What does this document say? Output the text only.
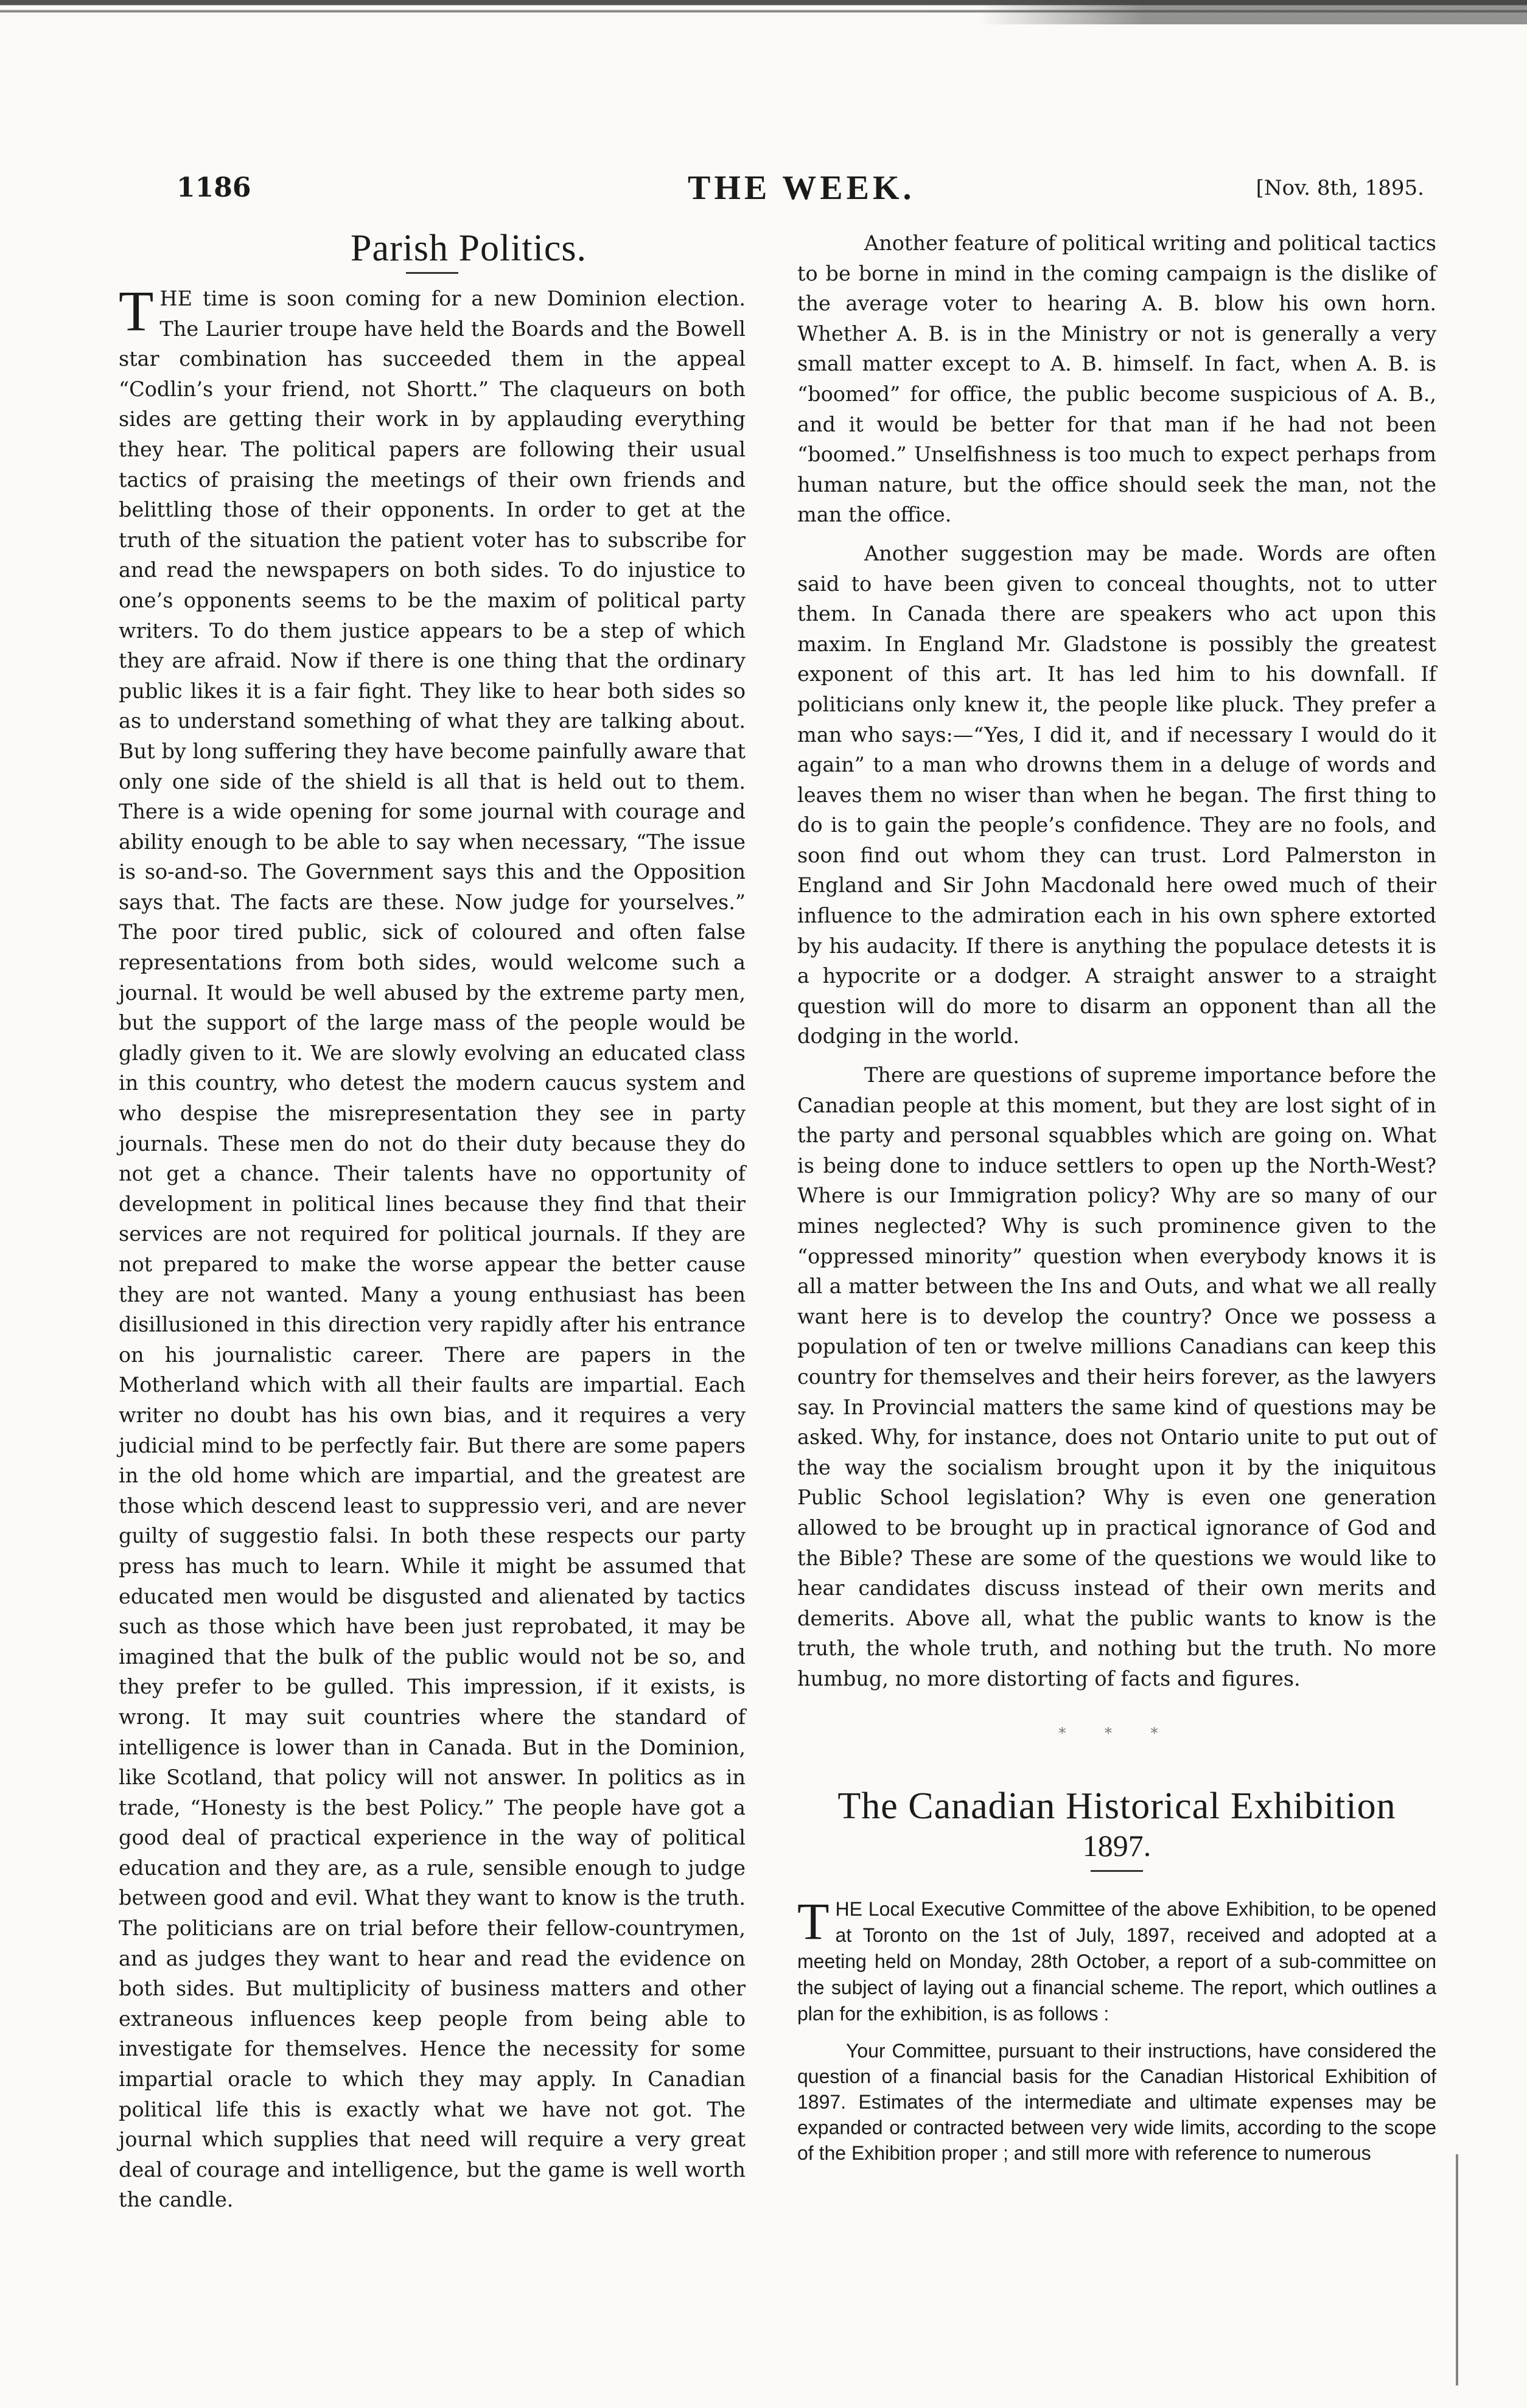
1186	THE WEEK.	[Nov. 8th, 1895.
Parish Politics.

THE time is soon coming for a new Dominion election. The Laurier troupe have held the Boards and the Bowell star combination has succeeded them in the appeal “Codlin’s your friend, not Shortt.” The claqueurs on both sides are getting their work in by applauding everything they hear. The political papers are following their usual tactics of praising the meetings of their own friends and belittling those of their opponents. In order to get at the truth of the situation the patient voter has to subscribe for and read the newspapers on both sides. To do injustice to one’s opponents seems to be the maxim of political party writers. To do them justice appears to be a step of which they are afraid. Now if there is one thing that the ordinary public likes it is a fair fight. They like to hear both sides so as to understand something of what they are talking about. But by long suffering they have become painfully aware that only one side of the shield is all that is held out to them. There is a wide opening for some journal with courage and ability enough to be able to say when necessary, “The issue is so-and-so. The Government says this and the Opposition says that. The facts are these. Now judge for yourselves.” The poor tired public, sick of coloured and often false representations from both sides, would welcome such a journal. It would be well abused by the extreme party men, but the support of the large mass of the people would be gladly given to it. We are slowly evolving an educated class in this country, who detest the modern caucus system and who despise the misrepresentation they see in party journals. These men do not do their duty because they do not get a chance. Their talents have no opportunity of development in political lines because they find that their services are not required for political journals. If they are not prepared to make the worse appear the better cause they are not wanted. Many a young enthusiast has been disillusioned in this direction very rapidly after his entrance on his journalistic career. There are papers in the Motherland which with all their faults are impartial. Each writer no doubt has his own bias, and it requires a very judicial mind to be perfectly fair. But there are some papers in the old home which are impartial, and the greatest are those which descend least to suppressio veri, and are never guilty of suggestio falsi. In both these respects our party press has much to learn. While it might be assumed that educated men would be disgusted and alienated by tactics such as those which have been just reprobated, it may be imagined that the bulk of the public would not be so, and they prefer to be gulled. This impression, if it exists, is wrong. It may suit countries where the standard of intelligence is lower than in Canada. But in the Dominion, like Scotland, that policy will not answer. In politics as in trade, “Honesty is the best Policy.” The people have got a good deal of practical experience in the way of political education and they are, as a rule, sensible enough to judge between good and evil. What they want to know is the truth. The politicians are on trial before their fellow-countrymen, and as judges they want to hear and read the evidence on both sides. But multiplicity of business matters and other extraneous influences keep people from being able to investigate for themselves. Hence the necessity for some impartial oracle to which they may apply. In Canadian political life this is exactly what we have not got. The journal which supplies that need will require a very great deal of courage and intelligence, but the game is well worth the candle.

Another feature of political writing and political tactics to be borne in mind in the coming campaign is the dislike of the average voter to hearing A. B. blow his own horn. Whether A. B. is in the Ministry or not is generally a very small matter except to A. B. himself. In fact, when A. B. is “boomed” for office, the public become suspicious of A. B., and it would be better for that man if he had not been “boomed.” Unselfishness is too much to expect perhaps from human nature, but the office should seek the man, not the man the office.

Another suggestion may be made. Words are often said to have been given to conceal thoughts, not to utter them. In Canada there are speakers who act upon this maxim. In England Mr. Gladstone is possibly the greatest exponent of this art. It has led him to his downfall. If politicians only knew it, the people like pluck. They prefer a man who says:—“Yes, I did it, and if necessary I would do it again” to a man who drowns them in a deluge of words and leaves them no wiser than when he began. The first thing to do is to gain the people’s confidence. They are no fools, and soon find out whom they can trust. Lord Palmerston in England and Sir John Macdonald here owed much of their influence to the admiration each in his own sphere extorted by his audacity. If there is anything the populace detests it is a hypocrite or a dodger. A straight answer to a straight question will do more to disarm an opponent than all the dodging in the world.

There are questions of supreme importance before the Canadian people at this moment, but they are lost sight of in the party and personal squabbles which are going on. What is being done to induce settlers to open up the North-West? Where is our Immigration policy? Why are so many of our mines neglected? Why is such prominence given to the “oppressed minority” question when everybody knows it is all a matter between the Ins and Outs, and what we all really want here is to develop the country? Once we possess a population of ten or twelve millions Canadians can keep this country for themselves and their heirs forever, as the lawyers say. In Provincial matters the same kind of questions may be asked. Why, for instance, does not Ontario unite to put out of the way the socialism brought upon it by the iniquitous Public School legislation? Why is even one generation allowed to be brought up in practical ignorance of God and the Bible? These are some of the questions we would like to hear candidates discuss instead of their own merits and demerits. Above all, what the public wants to know is the truth, the whole truth, and nothing but the truth. No more humbug, no more distorting of facts and figures.

* * *
The Canadian Historical Exhibition
1897.

THE Local Executive Committee of the above Exhibition, to be opened at Toronto on the 1st of July, 1897, received and adopted at a meeting held on Monday, 28th October, a report of a sub-committee on the subject of laying out a financial scheme. The report, which outlines a plan for the exhibition, is as follows :

Your Committee, pursuant to their instructions, have considered the question of a financial basis for the Canadian Historical Exhibition of 1897. Estimates of the intermediate and ultimate expenses may be expanded or contracted between very wide limits, according to the scope of the Exhibition proper ; and still more with reference to numerous
